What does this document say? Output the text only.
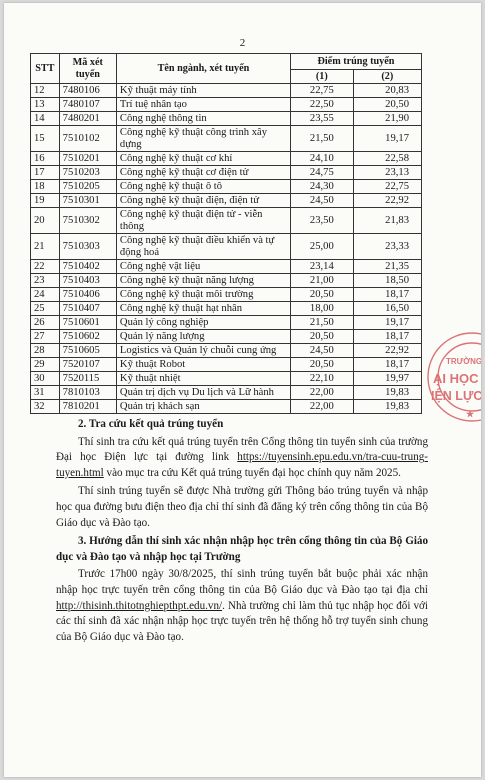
2
STT	Mã xét tuyển	Tên ngành, xét tuyển	Điểm trúng tuyển	
			(1)	(2)
12	7480106	Kỹ thuật máy tính	22,75	20,83
13	7480107	Trí tuệ nhân tạo	22,50	20,50
14	7480201	Công nghệ thông tin	23,55	21,90
15	7510102	Công nghệ kỹ thuật công trình xây dựng	21,50	19,17
16	7510201	Công nghệ kỹ thuật cơ khí	24,10	22,58
17	7510203	Công nghệ kỹ thuật cơ điện tử	24,75	23,13
18	7510205	Công nghệ kỹ thuật ô tô	24,30	22,75
19	7510301	Công nghệ kỹ thuật điện, điện tử	24,50	22,92
20	7510302	Công nghệ kỹ thuật điện tử - viễn thông	23,50	21,83
21	7510303	Công nghệ kỹ thuật điều khiển và tự động hoá	25,00	23,33
22	7510402	Công nghệ vật liệu	23,14	21,35
23	7510403	Công nghệ kỹ thuật năng lượng	21,00	18,50
24	7510406	Công nghệ kỹ thuật môi trường	20,50	18,17
25	7510407	Công nghệ kỹ thuật hạt nhân	18,00	16,50
26	7510601	Quản lý công nghiệp	21,50	19,17
27	7510602	Quản lý năng lượng	20,50	18,17
28	7510605	Logistics và Quản lý chuỗi cung ứng	24,50	22,92
29	7520107	Kỹ thuật Robot	20,50	18,17
30	7520115	Kỹ thuật nhiệt	22,10	19,97
31	7810103	Quản trị dịch vụ Du lịch và Lữ hành	22,00	19,83
32	7810201	Quản trị khách sạn	22,00	19,83
2. Tra cứu kết quả trúng tuyển

Thí sinh tra cứu kết quả trúng tuyển trên Cổng thông tin tuyển sinh của trường Đại học Điện lực tại đường link https://tuyensinh.epu.edu.vn/tra-cuu-trung-tuyen.html vào mục tra cứu Kết quả trúng tuyển đại học chính quy năm 2025.

Thí sinh trúng tuyển sẽ được Nhà trường gửi Thông báo trúng tuyển và nhập học qua đường bưu điện theo địa chỉ thí sinh đã đăng ký trên cổng thông tin của Bộ Giáo dục và Đào tạo.

3. Hướng dẫn thí sinh xác nhận nhập học trên cổng thông tin của Bộ Giáo dục và Đào tạo và nhập học tại Trường

Trước 17h00 ngày 30/8/2025, thí sinh trúng tuyển bắt buộc phải xác nhận nhập học trực tuyến trên cổng thông tin của Bộ Giáo dục và Đào tạo tại địa chỉ http://thisinh.thitotnghiepthpt.edu.vn/. Nhà trường chỉ làm thủ tục nhập học đối với các thí sinh đã xác nhận nhập học trực tuyến trên hệ thống hỗ trợ tuyển sinh chung của Bộ Giáo dục và Đào tạo.

TRƯỜNG
ẠI HỌC
IỆN LỰC
★
